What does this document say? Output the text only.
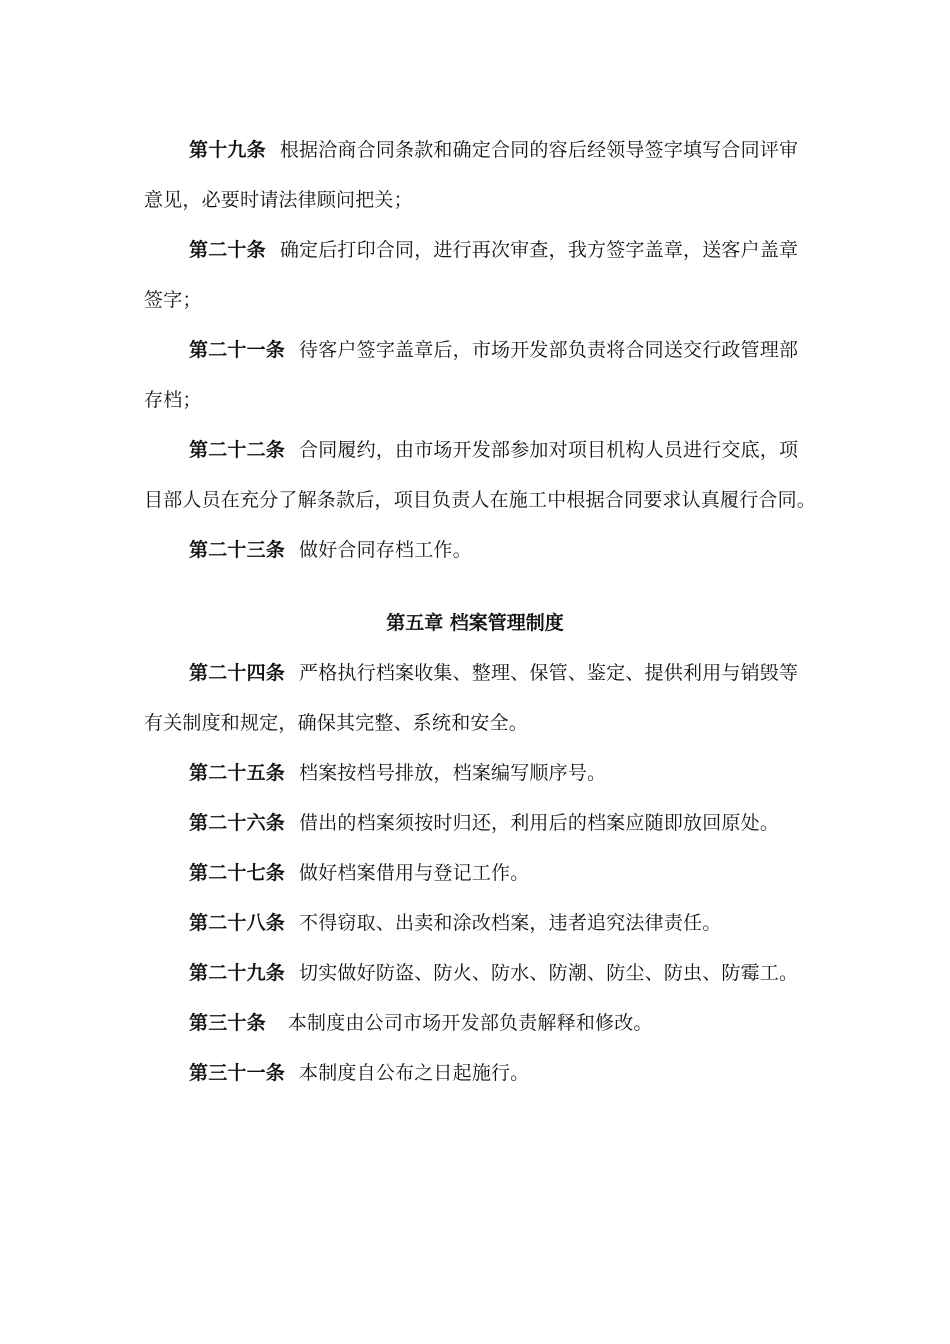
第十九条 根据洽商合同条款和确定合同的容后经领导签字填写合同评审
意见，必要时请法律顾问把关；
第二十条 确定后打印合同，进行再次审查，我方签字盖章，送客户盖章
签字；
第二十一条 待客户签字盖章后，市场开发部负责将合同送交行政管理部
存档；
第二十二条 合同履约，由市场开发部参加对项目机构人员进行交底，项
目部人员在充分了解条款后，项目负责人在施工中根据合同要求认真履行合同。
第二十三条 做好合同存档工作。
第五章 档案管理制度
第二十四条 严格执行档案收集、整理、保管、鉴定、提供利用与销毁等
有关制度和规定，确保其完整、系统和安全。
第二十五条 档案按档号排放，档案编写顺序号。
第二十六条 借出的档案须按时归还，利用后的档案应随即放回原处。
第二十七条 做好档案借用与登记工作。
第二十八条 不得窃取、出卖和涂改档案，违者追究法律责任。
第二十九条 切实做好防盗、防火、防水、防潮、防尘、防虫、防霉工。
第三十条 本制度由公司市场开发部负责解释和修改。
第三十一条 本制度自公布之日起施行。
